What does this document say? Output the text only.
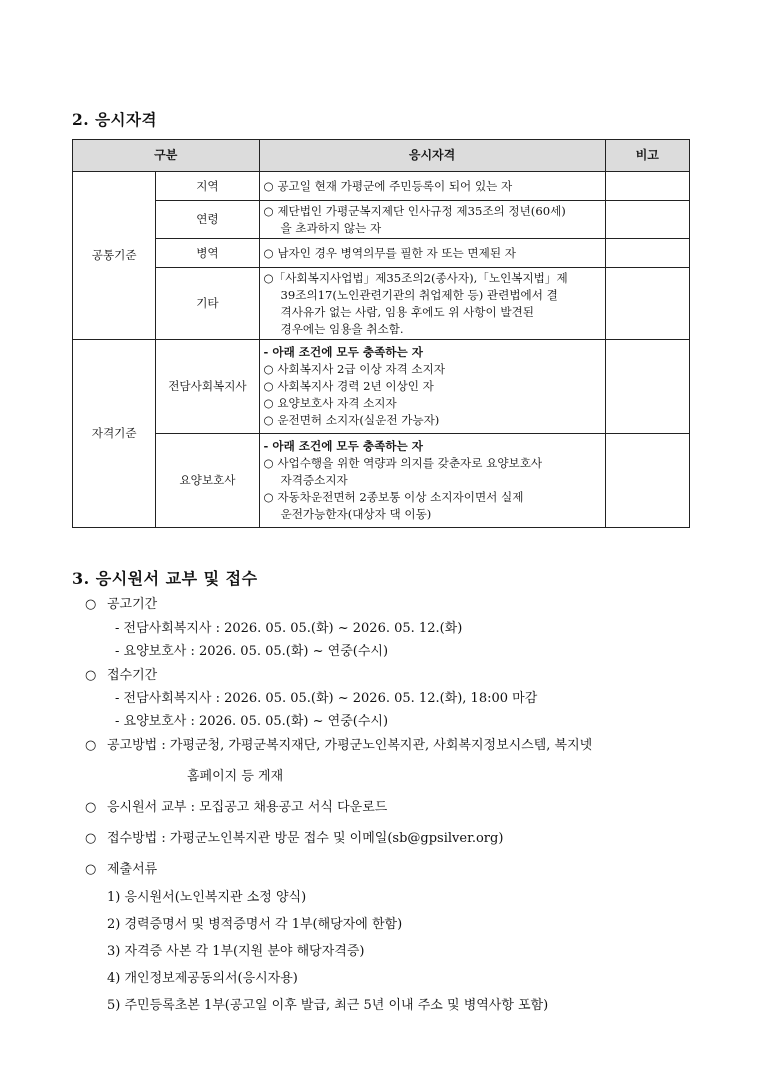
2. 응시자격
구분		응시자격	비고
공통기준	지역	○ 공고일 현재 가평군에 주민등록이 되어 있는 자	
	연령	○ 제단법인 가평군복지제단 인사규정 제35조의 정년(60세)
을 초과하지 않는 자	

	병역	○ 남자인 경우 병역의무를 필한 자 또는 면제된 자	
	기타	○「사회복지사업법」제35조의2(종사자),「노인복지법」제
39조의17(노인관련기관의 취업제한 등) 관련법에서 결
격사유가 없는 사람, 임용 후에도 위 사항이 발견된
경우에는 임용을 취소함.	

자격기준	전담사회복지사	- 아래 조건에 모두 충족하는 자
○ 사회복지사 2급 이상 자격 소지자
○ 사회복지사 경력 2년 이상인 자
○ 요양보호사 자격 소지자
○ 운전면허 소지자(실운전 가능자)	

	요양보호사	- 아래 조건에 모두 충족하는 자
○ 사업수행을 위한 역량과 의지를 갖춘자로 요양보호사
자격증소지자
○ 자동차운전면허 2종보통 이상 소지자이면서 실제
운전가능한자(대상자 댁 이동)	

3. 응시원서 교부 및 접수
○ 공고기간
- 전담사회복지사 : 2026. 05. 05.(화) ~ 2026. 05. 12.(화)
- 요양보호사 : 2026. 05. 05.(화) ~ 연중(수시)
○ 접수기간
- 전담사회복지사 : 2026. 05. 05.(화) ~ 2026. 05. 12.(화), 18:00 마감
- 요양보호사 : 2026. 05. 05.(화) ~ 연중(수시)
○ 공고방법 : 가평군청, 가평군복지재단, 가평군노인복지관, 사회복지정보시스템, 복지넷
홈페이지 등 게재
○ 응시원서 교부 : 모집공고 채용공고 서식 다운로드
○ 접수방법 : 가평군노인복지관 방문 접수 및 이메일(sb@gpsilver.org)
○ 제출서류
1) 응시원서(노인복지관 소정 양식)
2) 경력증명서 및 병적증명서 각 1부(해당자에 한함)
3) 자격증 사본 각 1부(지원 분야 해당자격증)
4) 개인정보제공동의서(응시자용)
5) 주민등록초본 1부(공고일 이후 발급, 최근 5년 이내 주소 및 병역사항 포함)
